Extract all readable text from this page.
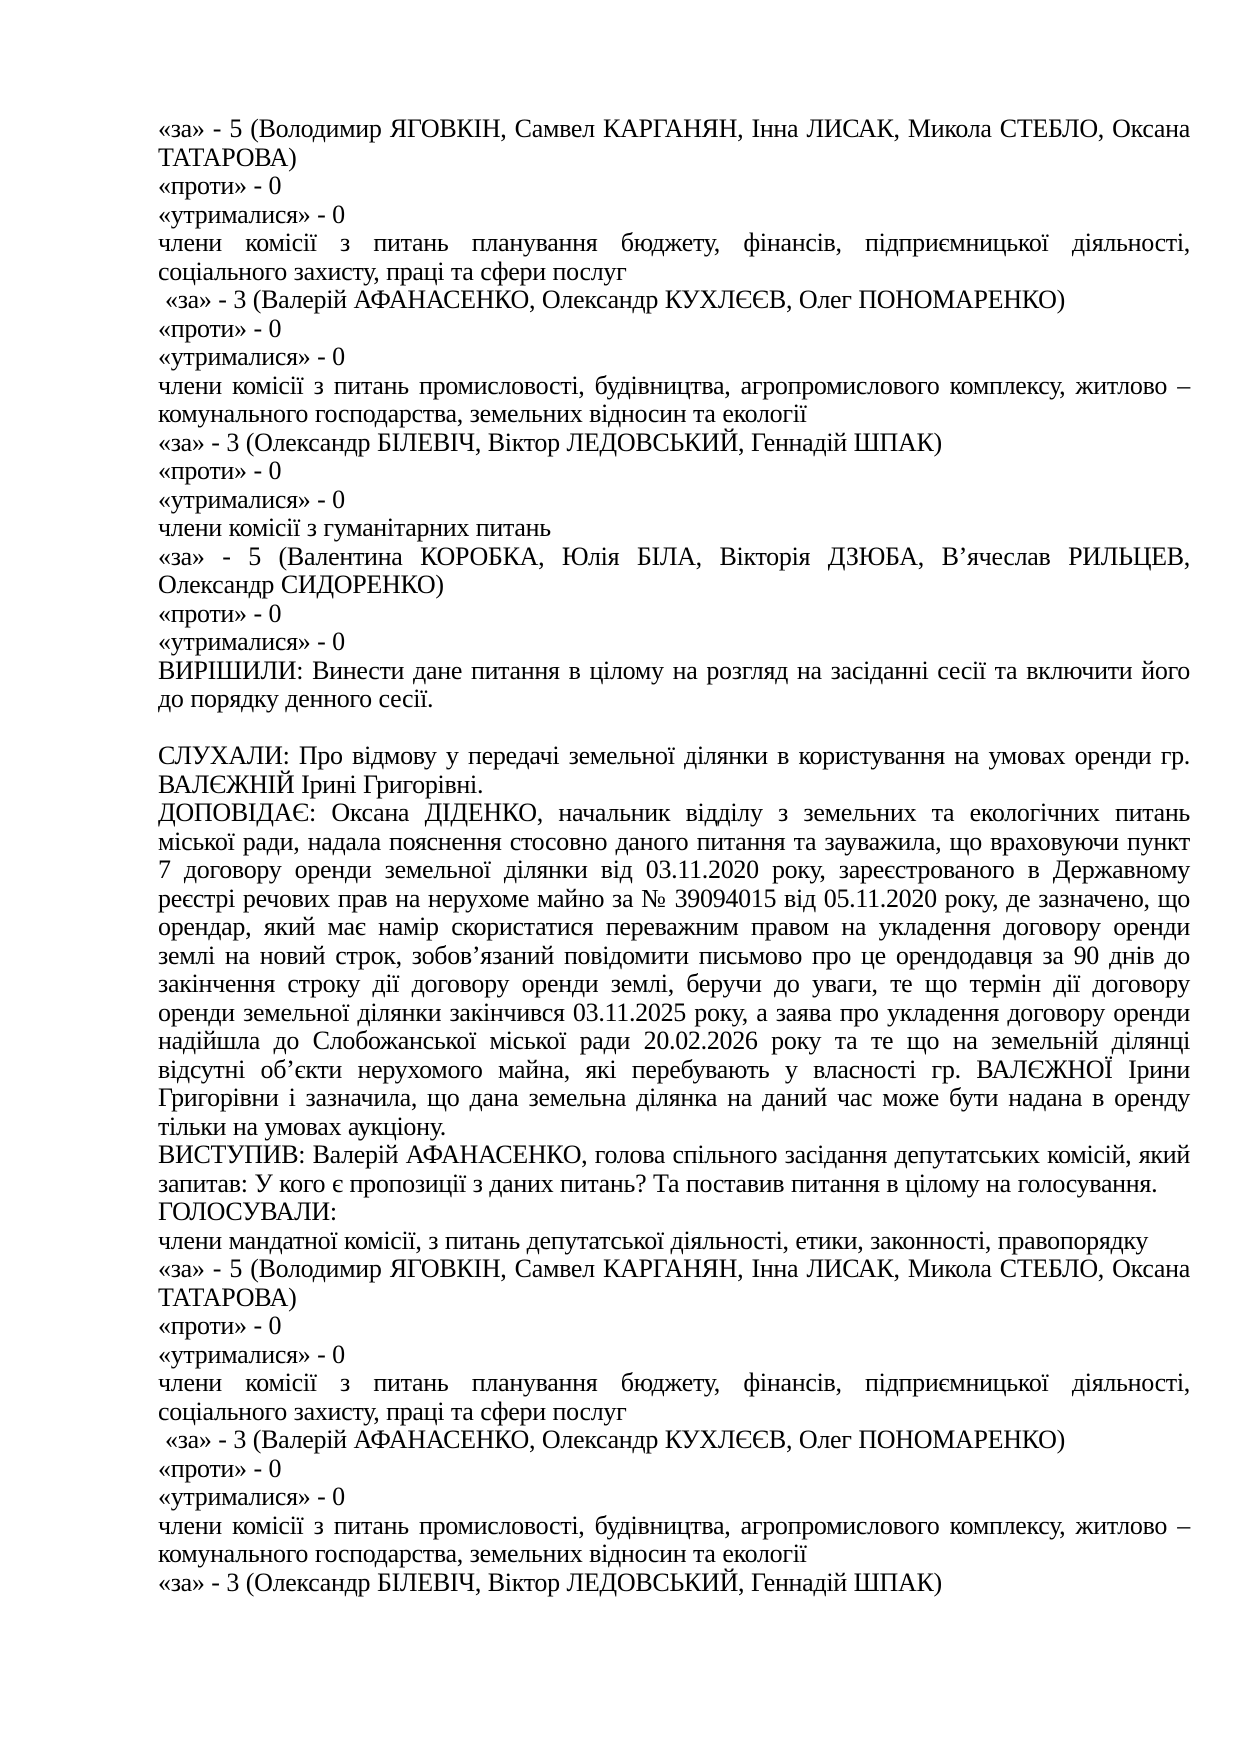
«за» - 5 (Володимир ЯГОВКІН, Самвел КАРГАНЯН, Інна ЛИСАК, Микола СТЕБЛО, Оксана ТАТАРОВА)

«проти» - 0

«утрималися» - 0

члени комісії з питань планування бюджету, фінансів, підприємницької діяльності, соціального захисту, праці та сфери послуг

«за» - 3 (Валерій АФАНАСЕНКО, Олександр КУХЛЄЄВ, Олег ПОНОМАРЕНКО)

«проти» - 0

«утрималися» - 0

члени комісії з питань промисловості, будівництва, агропромислового комплексу, житлово – комунального господарства, земельних відносин та екології

«за» - 3 (Олександр БІЛЕВІЧ, Віктор ЛЕДОВСЬКИЙ, Геннадій ШПАК)

«проти» - 0

«утрималися» - 0

члени комісії з гуманітарних питань

«за» - 5 (Валентина КОРОБКА, Юлія БІЛА, Вікторія ДЗЮБА, В’ячеслав РИЛЬЦЕВ, Олександр СИДОРЕНКО)

«проти» - 0

«утрималися» - 0

ВИРІШИЛИ: Винести дане питання в цілому на розгляд на засіданні сесії та включити його до порядку денного сесії.

СЛУХАЛИ: Про відмову у передачі земельної ділянки в користування на умовах оренди гр. ВАЛЄЖНІЙ Ірині Григорівні.

ДОПОВІДАЄ: Оксана ДІДЕНКО, начальник відділу з земельних та екологічних питань міської ради, надала пояснення стосовно даного питання та зауважила, що враховуючи пункт 7 договору оренди земельної ділянки від 03.11.2020 року, зареєстрованого в Державному реєстрі речових прав на нерухоме майно за № 39094015 від 05.11.2020 року, де зазначено, що орендар, який має намір скористатися переважним правом на укладення договору оренди землі на новий строк, зобов’язаний повідомити письмово про це орендодавця за 90 днів до закінчення строку дії договору оренди землі, беручи до уваги, те що термін дії договору оренди земельної ділянки закінчився 03.11.2025 року, а заява про укладення договору оренди надійшла до Слобожанської міської ради 20.02.2026 року та те що на земельній ділянці відсутні об’єкти нерухомого майна, які перебувають у власності гр. ВАЛЄЖНОЇ Ірини Григорівни і зазначила, що дана земельна ділянка на даний час може бути надана в оренду тільки на умовах аукціону.

ВИСТУПИВ: Валерій АФАНАСЕНКО, голова спільного засідання депутатських комісій, який запитав: У кого є пропозиції з даних питань? Та поставив питання в цілому на голосування.

ГОЛОСУВАЛИ:

члени мандатної комісії, з питань депутатської діяльності, етики, законності, правопорядку

«за» - 5 (Володимир ЯГОВКІН, Самвел КАРГАНЯН, Інна ЛИСАК, Микола СТЕБЛО, Оксана ТАТАРОВА)

«проти» - 0

«утрималися» - 0

члени комісії з питань планування бюджету, фінансів, підприємницької діяльності, соціального захисту, праці та сфери послуг

«за» - 3 (Валерій АФАНАСЕНКО, Олександр КУХЛЄЄВ, Олег ПОНОМАРЕНКО)

«проти» - 0

«утрималися» - 0

члени комісії з питань промисловості, будівництва, агропромислового комплексу, житлово – комунального господарства, земельних відносин та екології

«за» - 3 (Олександр БІЛЕВІЧ, Віктор ЛЕДОВСЬКИЙ, Геннадій ШПАК)
